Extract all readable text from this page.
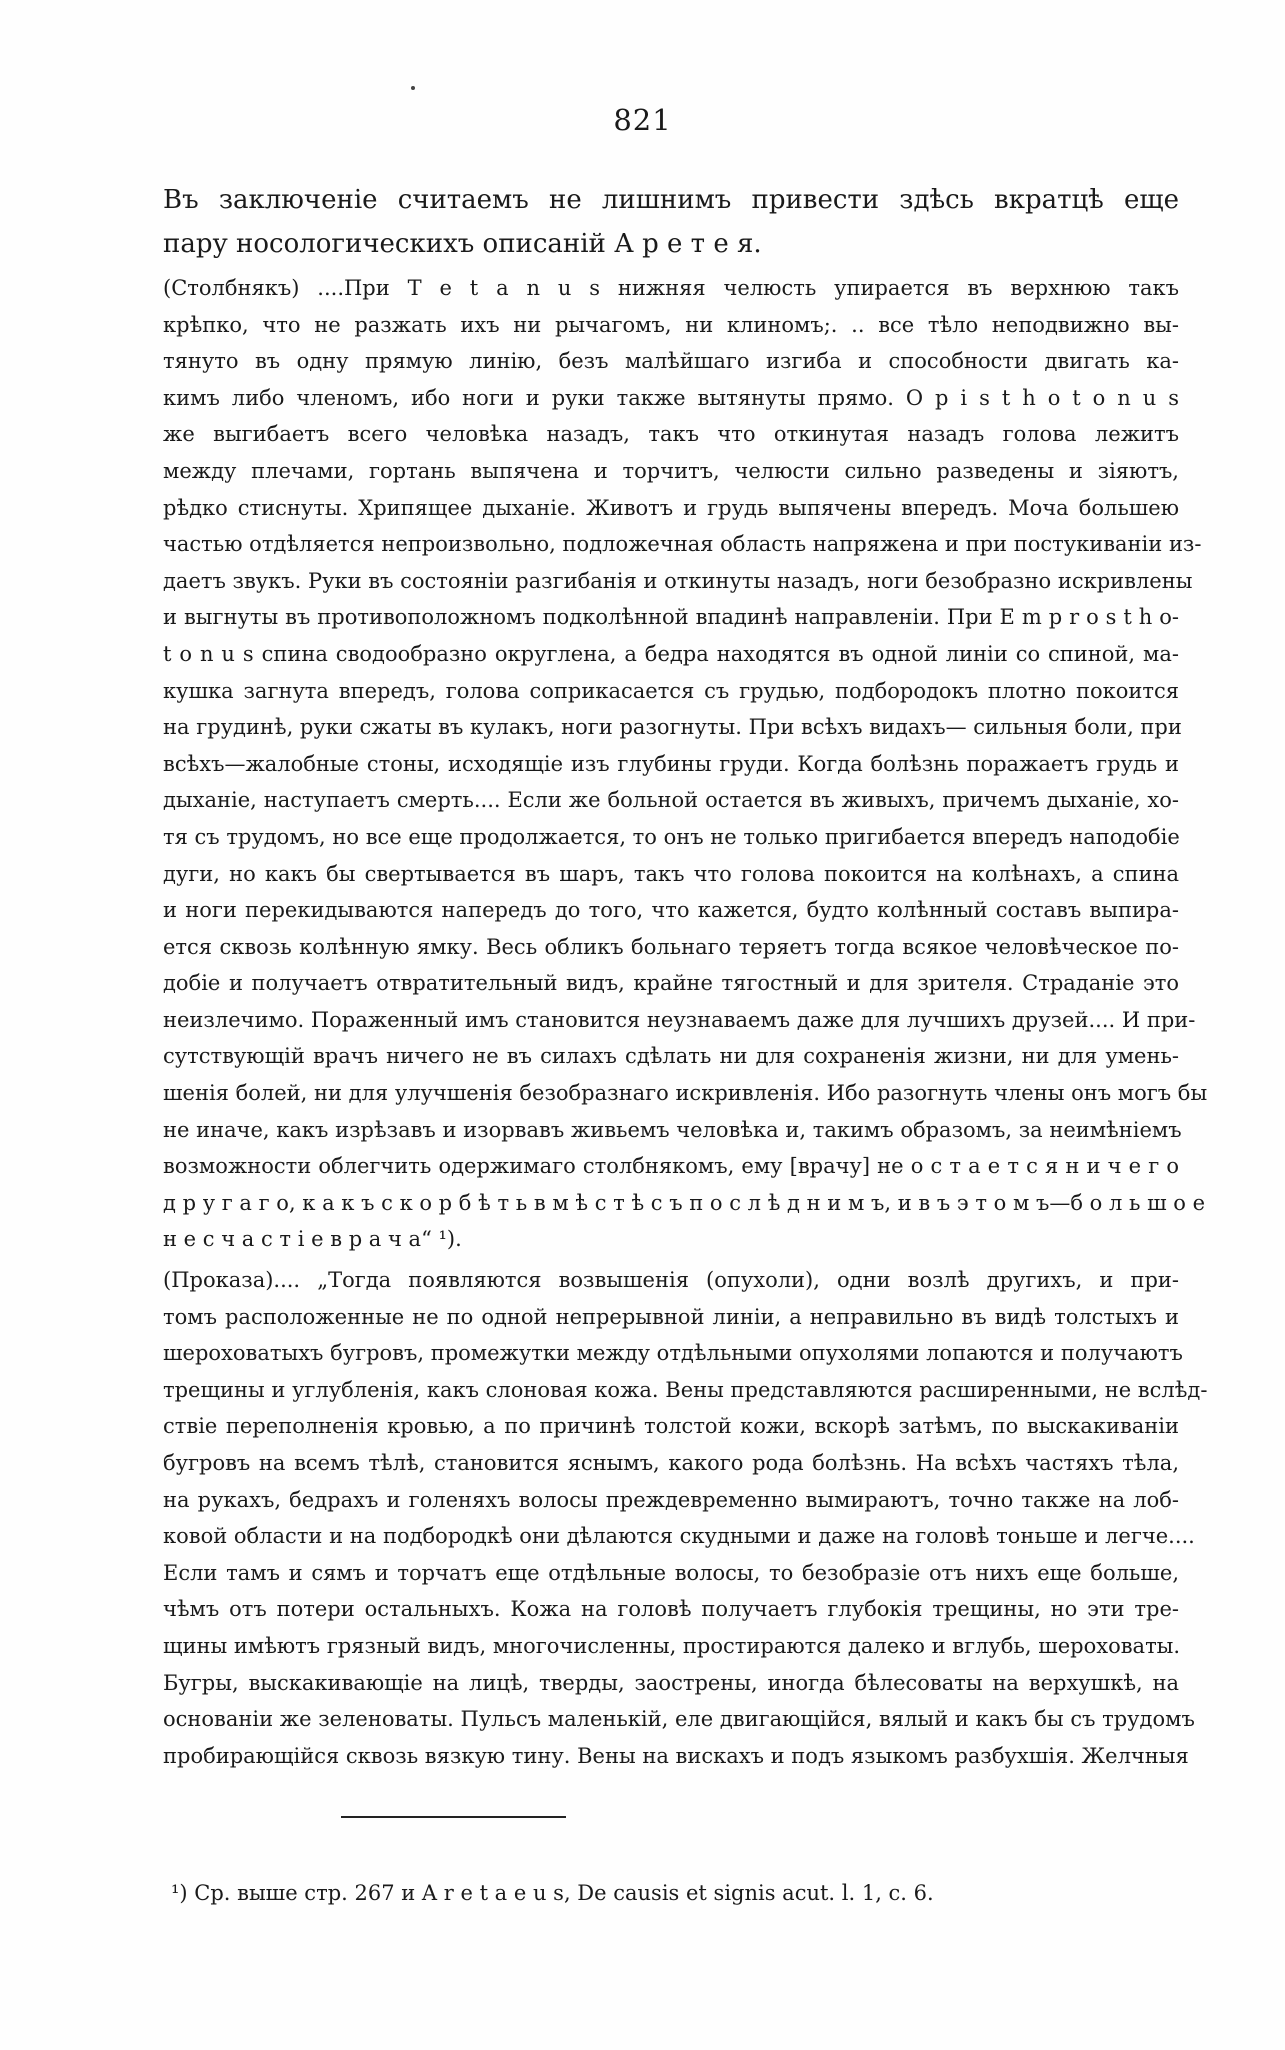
821
Въ заключеніе считаемъ не лишнимъ привести здѣсь вкратцѣ еще
пару носологическихъ описаній А р е т е я.
(Столбнякъ) ....При T e t a n u s нижняя челюсть упирается въ верхнюю такъ
крѣпко, что не разжать ихъ ни рычагомъ, ни клиномъ;. .. все тѣло неподвижно вы-
тянуто въ одну прямую линію, безъ малѣйшаго изгиба и способности двигать ка-
кимъ либо членомъ, ибо ноги и руки также вытянуты прямо. O p i s t h o t o n u s
же выгибаетъ всего человѣка назадъ, такъ что откинутая назадъ голова лежитъ
между плечами, гортань выпячена и торчитъ, челюсти сильно разведены и зіяютъ,
рѣдко стиснуты. Хрипящее дыханіе. Животъ и грудь выпячены впередъ. Моча большею
частью отдѣляется непроизвольно, подложечная область напряжена и при постукиваніи из-
даетъ звукъ. Руки въ состояніи разгибанія и откинуты назадъ, ноги безобразно искривлены
и выгнуты въ противоположномъ подколѣнной впадинѣ направленіи. При E m p r o s t h o-
t o n u s спина сводообразно округлена, а бедра находятся въ одной линіи со спиной, ма-
кушка загнута впередъ, голова соприкасается съ грудью, подбородокъ плотно покоится
на грудинѣ, руки сжаты въ кулакъ, ноги разогнуты. При всѣхъ видахъ— сильныя боли, при
всѣхъ—жалобные стоны, исходящіе изъ глубины груди. Когда болѣзнь поражаетъ грудь и
дыханіе, наступаетъ смерть.... Если же больной остается въ живыхъ, причемъ дыханіе, хо-
тя съ трудомъ, но все еще продолжается, то онъ не только пригибается впередъ наподобіе
дуги, но какъ бы свертывается въ шаръ, такъ что голова покоится на колѣнахъ, а спина
и ноги перекидываются напередъ до того, что кажется, будто колѣнный составъ выпира-
ется сквозь колѣнную ямку. Весь обликъ больнаго теряетъ тогда всякое человѣческое по-
добіе и получаетъ отвратительный видъ, крайне тягостный и для зрителя. Страданіе это
неизлечимо. Пораженный имъ становится неузнаваемъ даже для лучшихъ друзей.... И при-
сутствующій врачъ ничего не въ силахъ сдѣлать ни для сохраненія жизни, ни для умень-
шенія болей, ни для улучшенія безобразнаго искривленія. Ибо разогнуть члены онъ могъ бы
не иначе, какъ изрѣзавъ и изорвавъ живьемъ человѣка и, такимъ образомъ, за неимѣніемъ
возможности облегчить одержимаго столбнякомъ, ему [врачу] не о с т а е т с я н и ч е г о
д р у г а г о, к а к ъ с к о р б ѣ т ь в м ѣ с т ѣ с ъ п о с л ѣ д н и м ъ, и в ъ э т о м ъ—б о л ь ш о е
н е с ч а с т і е в р а ч а“ ¹).
(Проказа).... „Тогда появляются возвышенія (опухоли), одни возлѣ другихъ, и при-
томъ расположенные не по одной непрерывной линіи, а неправильно въ видѣ толстыхъ и
шероховатыхъ бугровъ, промежутки между отдѣльными опухолями лопаются и получаютъ
трещины и углубленія, какъ слоновая кожа. Вены представляются расширенными, не вслѣд-
ствіе переполненія кровью, а по причинѣ толстой кожи, вскорѣ затѣмъ, по выскакиваніи
бугровъ на всемъ тѣлѣ, становится яснымъ, какого рода болѣзнь. На всѣхъ частяхъ тѣла,
на рукахъ, бедрахъ и голеняхъ волосы преждевременно вымираютъ, точно также на лоб-
ковой области и на подбородкѣ они дѣлаются скудными и даже на головѣ тоньше и легче....
Если тамъ и сямъ и торчатъ еще отдѣльные волосы, то безобразіе отъ нихъ еще больше,
чѣмъ отъ потери остальныхъ. Кожа на головѣ получаетъ глубокія трещины, но эти тре-
щины имѣютъ грязный видъ, многочисленны, простираются далеко и вглубь, шероховаты.
Бугры, выскакивающіе на лицѣ, тверды, заострены, иногда бѣлесоваты на верхушкѣ, на
основаніи же зеленоваты. Пульсъ маленькій, еле двигающійся, вялый и какъ бы съ трудомъ
пробирающійся сквозь вязкую тину. Вены на вискахъ и подъ языкомъ разбухшія. Желчныя
¹) Ср. выше стр. 267 и A r e t a e u s, De causis et signis acut. l. 1, c. 6.
